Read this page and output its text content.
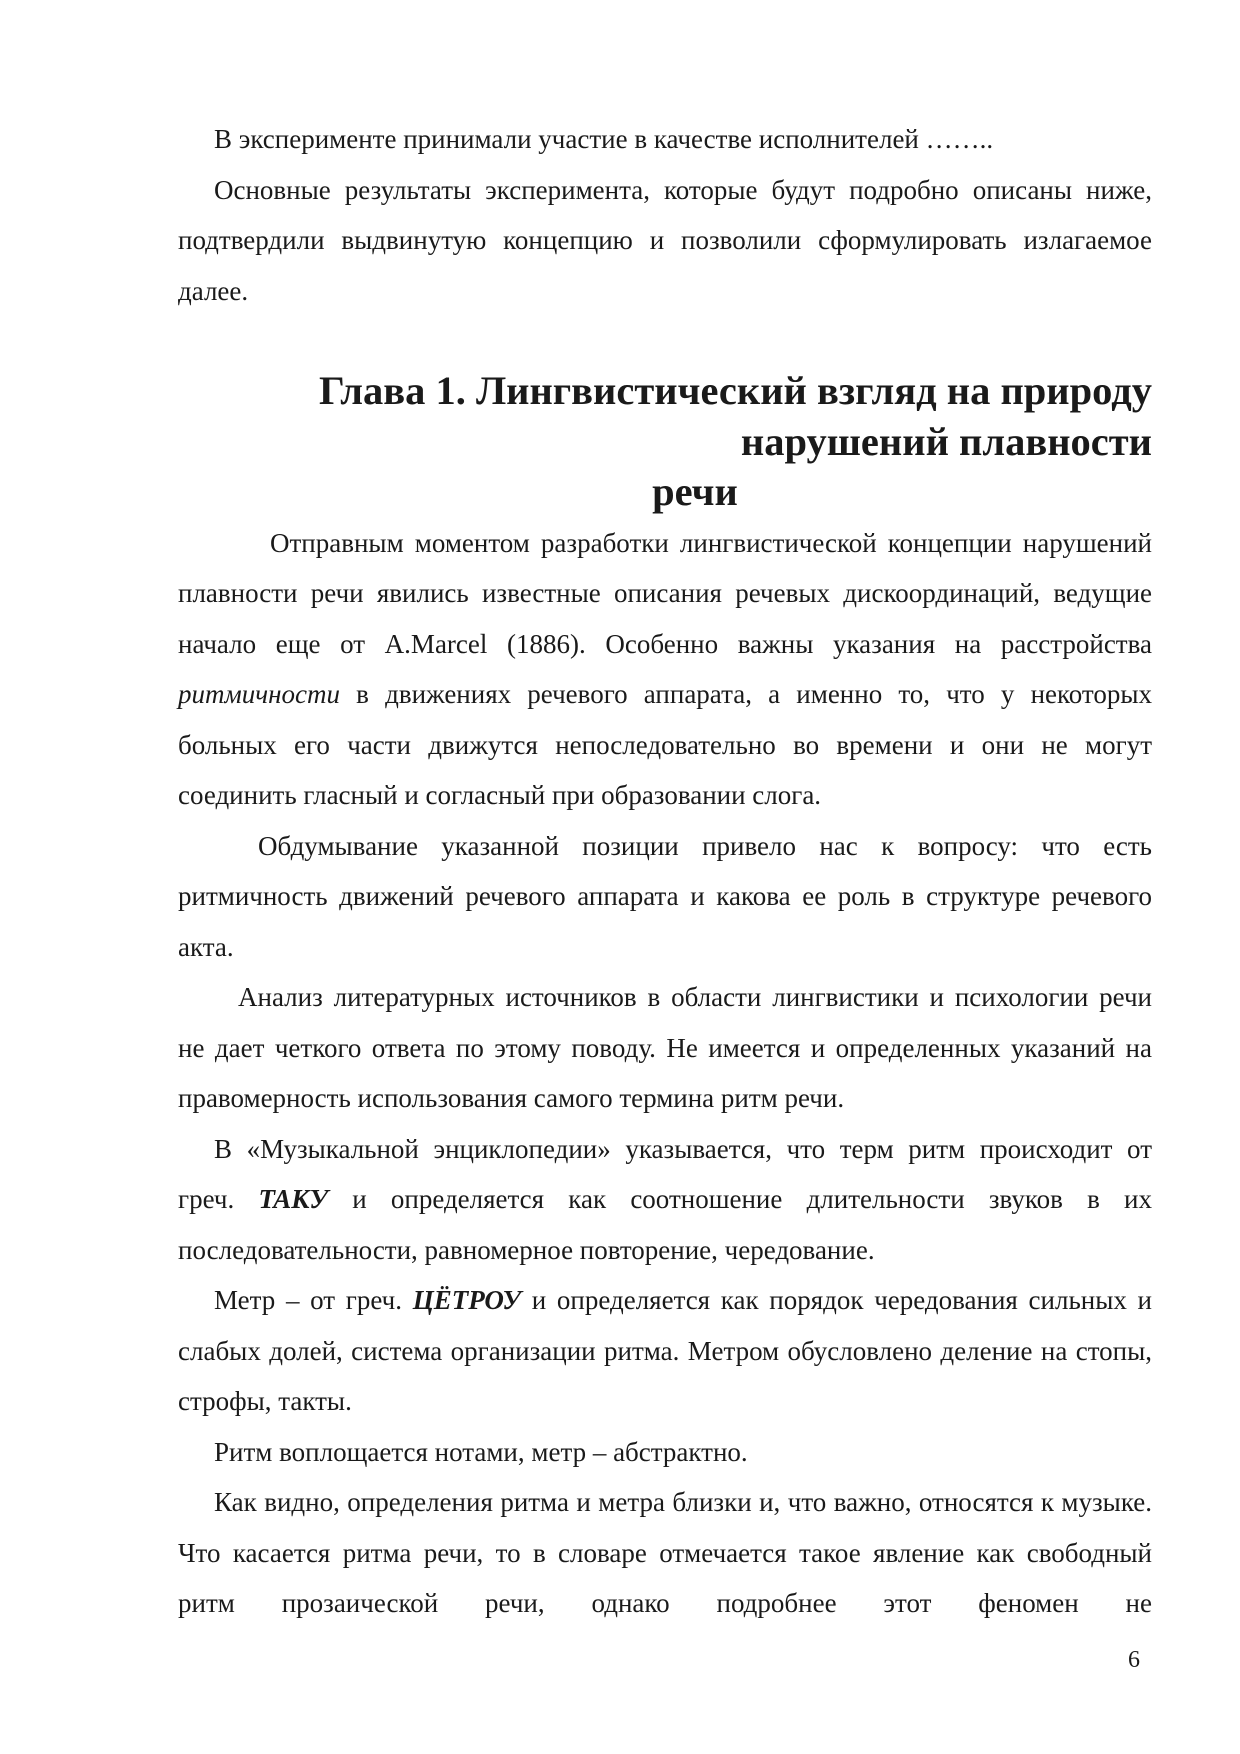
В эксперименте принимали участие в качестве исполнителей ……..

Основные результаты эксперимента, которые будут подробно описаны ниже, подтвердили выдвинутую концепцию и позволили сформулировать излагаемое далее.

Глава 1. Лингвистический взгляд на природу нарушений плавности
речи

Отправным моментом разработки лингвистической концепции нарушений плавности речи явились известные описания речевых дискоординаций, ведущие начало еще от A.Marcel (1886). Особенно важны указания на расстройства ритмичности в движениях речевого аппарата, а именно то, что у некоторых больных его части движутся непоследовательно во времени и они не могут соединить гласный и согласный при образовании слога.

Обдумывание указанной позиции привело нас к вопросу: что есть ритмичность движений речевого аппарата и какова ее роль в структуре речевого акта.

Анализ литературных источников в области лингвистики и психологии речи не дает четкого ответа по этому поводу. Не имеется и определенных указаний на правомерность использования самого термина ритм речи.

В «Музыкальной энциклопедии» указывается, что терм ритм происходит от греч. ТАКУ и определяется как соотношение длительности звуков в их последовательности, равномерное повторение, чередование.

Метр – от греч. ЦЁТРОУ и определяется как порядок чередования сильных и слабых долей, система организации ритма. Метром обусловлено деление на стопы, строфы, такты.

Ритм воплощается нотами, метр – абстрактно.

Как видно, определения ритма и метра близки и, что важно, относятся к музыке. Что касается ритма речи, то в словаре отмечается такое явление как свободный ритм прозаической речи, однако подробнее этот феномен не

6
